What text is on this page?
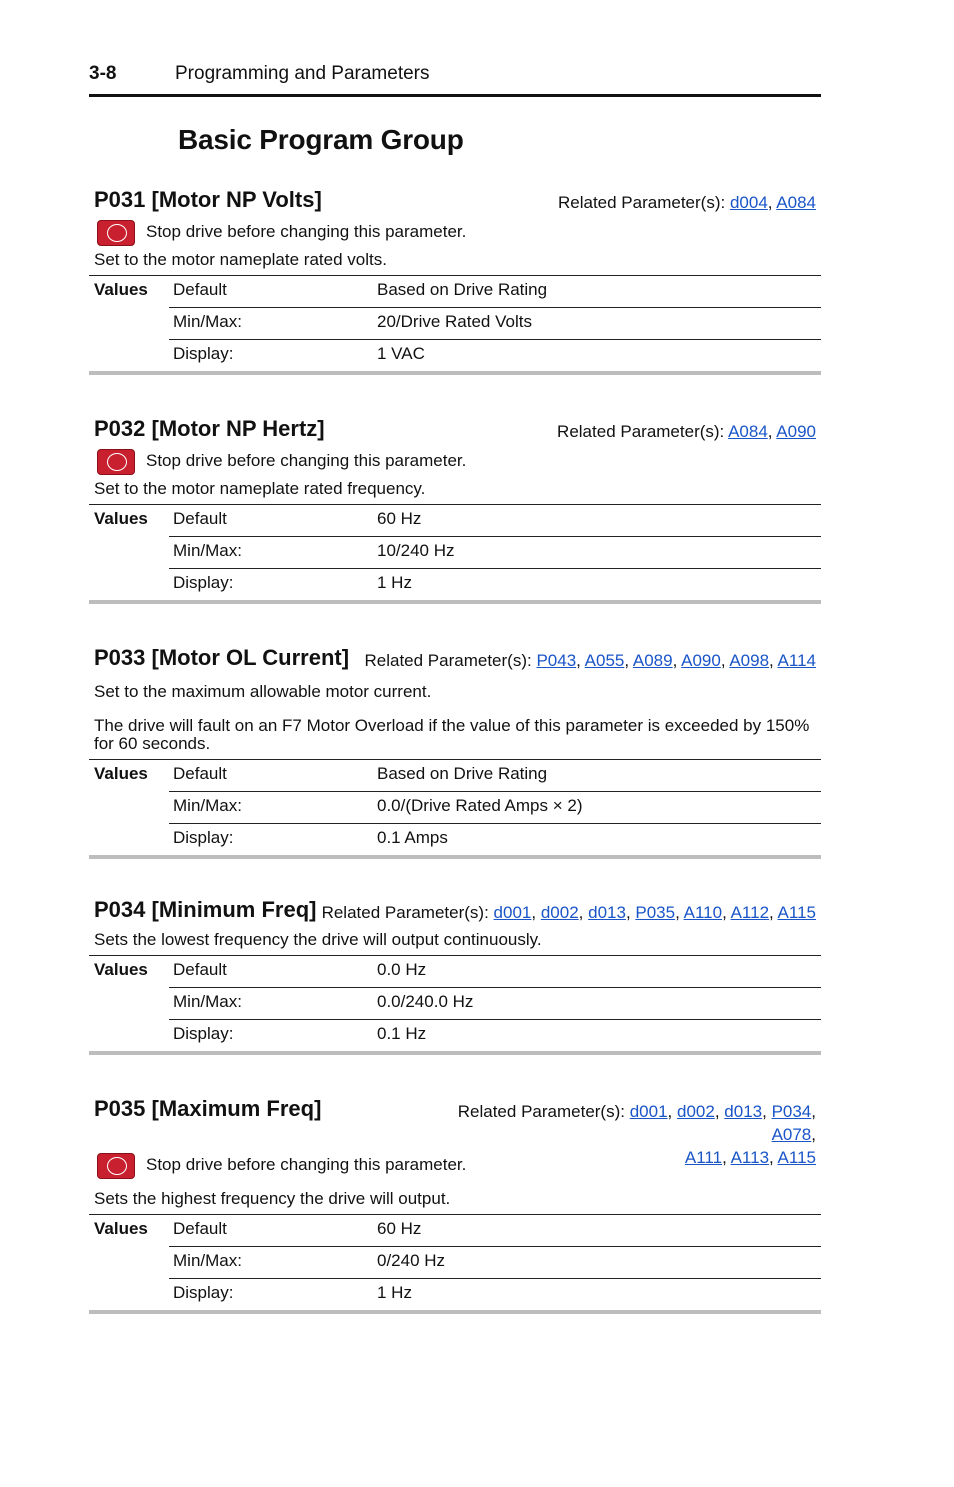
3-8	Programming and Parameters
Basic Program Group
P031 [Motor NP Volts]	Related Parameter(s): d004, A084
Stop drive before changing this parameter.

Set to the motor nameplate rated volts.

Values Default	Based on Drive Rating
Min/Max:	20/Drive Rated Volts
Display:	1 VAC
P032 [Motor NP Hertz]	Related Parameter(s): A084, A090
Stop drive before changing this parameter.

Set to the motor nameplate rated frequency.

Values Default	60 Hz
Min/Max:	10/240 Hz
Display:	1 Hz
P033 [Motor OL Current] Related Parameter(s): P043, A055, A089, A090, A098, A114

Set to the maximum allowable motor current.

The drive will fault on an F7 Motor Overload if the value of this parameter is exceeded by 150% for 60 seconds.

Values Default	Based on Drive Rating
Min/Max:	0.0/(Drive Rated Amps × 2)
Display:	0.1 Amps
P034 [Minimum Freq] Related Parameter(s): d001, d002, d013, P035, A110, A112, A115

Sets the lowest frequency the drive will output continuously.

Values Default	0.0 Hz
Min/Max:	0.0/240.0 Hz
Display:	0.1 Hz
P035 [Maximum Freq]	Related Parameter(s): d001, d002, d013, P034, A078,
A111, A113, A115
Stop drive before changing this parameter.

Sets the highest frequency the drive will output.

Values Default	60 Hz
Min/Max:	0/240 Hz
Display:	1 Hz
